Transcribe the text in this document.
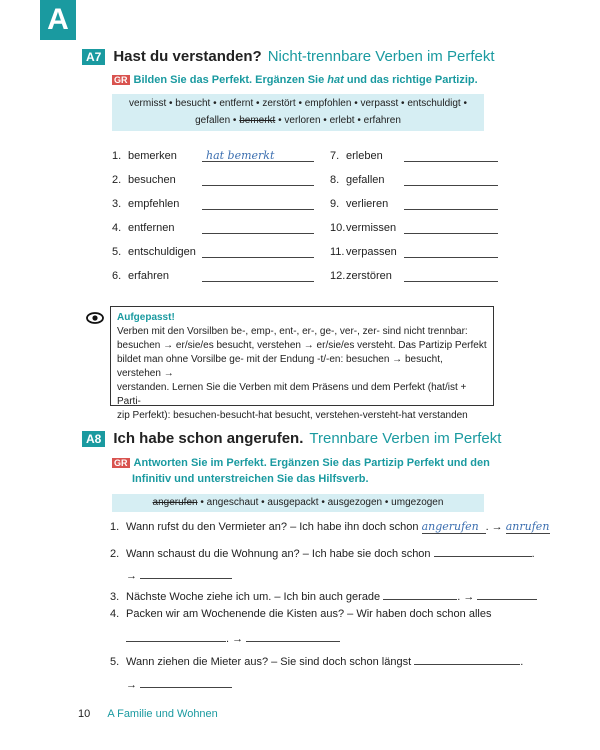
A
A7 Hast du verstanden? Nicht-trennbare Verben im Perfekt
GR Bilden Sie das Perfekt. Ergänzen Sie hat und das richtige Partizip.
vermisst • besucht • entfernt • zerstört • empfohlen • verpasst • entschuldigt •
gefallen • bemerkt • verloren • erlebt • erfahren
1. bemerken	hat bemerkt
2. besuchen
3. empfehlen
4. entfernen
5. entschuldigen
6. erfahren
7. erleben
8. gefallen
9. verlieren
10. vermissen
11. verpassen
12. zerstören
Aufgepasst!
Verben mit den Vorsilben be-, emp-, ent-, er-, ge-, ver-, zer- sind nicht trennbar:
besuchen → er/sie/es besucht, verstehen → er/sie/es versteht. Das Partizip Perfekt
bildet man ohne Vorsilbe ge- mit der Endung -t/-en: besuchen → besucht, verstehen →
verstanden. Lernen Sie die Verben mit dem Präsens und dem Perfekt (hat/ist + Parti-
zip Perfekt): besuchen-besucht-hat besucht, verstehen-versteht-hat verstanden
A8 Ich habe schon angerufen. Trennbare Verben im Perfekt
GR Antworten Sie im Perfekt. Ergänzen Sie das Partizip Perfekt und den
Infinitiv und unterstreichen Sie das Hilfsverb.
angerufen • angeschaut • ausgepackt • ausgezogen • umgezogen
1. Wann rufst du den Vermieter an? – Ich habe ihn doch schon angerufen . → anrufen
2. Wann schaust du die Wohnung an? – Ich habe sie doch schon	.
→
3. Nächste Woche ziehe ich um. – Ich bin auch gerade	. →
4. Packen wir am Wochenende die Kisten aus? – Wir haben doch schon alles
. →
5. Wann ziehen die Mieter aus? – Sie sind doch schon längst	.
→
10 A Familie und Wohnen
